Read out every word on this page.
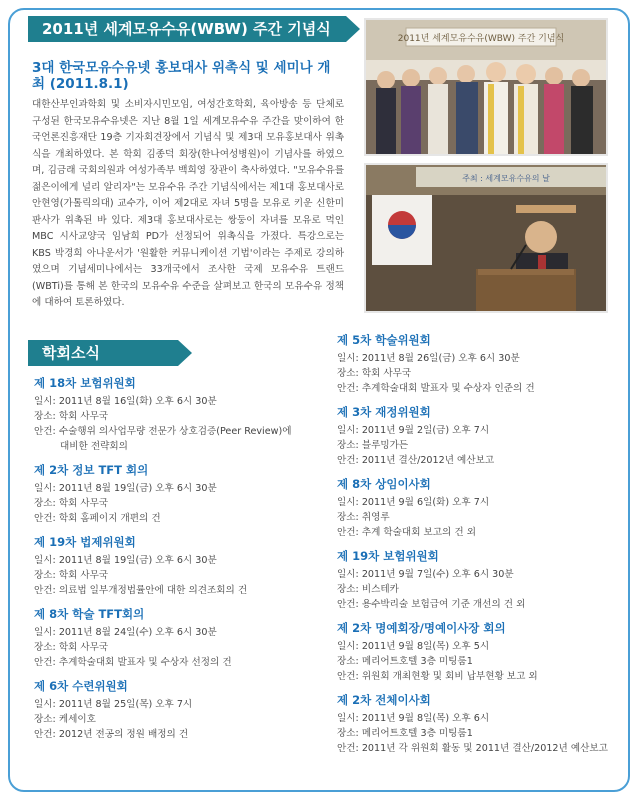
2011년 세계모유수유(WBW) 주간 기념식
3대 한국모유수유넷 홍보대사 위촉식 및 세미나 개최 (2011.8.1)

대한산부인과학회 및 소비자시민모임, 여성간호학회, 육아방송 등 단체로 구성된 한국모유수유넷은 지난 8월 1일 세계모유수유 주간을 맞이하여 한국언론진흥재단 19층 기자회견장에서 기념식 및 제3대 모유홍보대사 위촉식을 개최하였다. 본 학회 김종덕 회장(한나여성병원)이 기념사를 하였으며, 김금래 국회의원과 여성가족부 백희영 장관이 축사하였다. "모유수유를 젊은이에게 널리 알리자"는 모유수유 주간 기념식에서는 제1대 홍보대사로 안현영(가톨릭의대) 교수가, 이어 제2대로 자녀 5명을 모유로 키운 신한미 판사가 위촉된 바 있다. 제3대 홍보대사로는 쌍둥이 자녀를 모유로 먹인 MBC 시사교양국 임남희 PD가 선정되어 위촉식을 가졌다. 특강으로는 KBS 박경희 아나운서가 '원활한 커뮤니케이션 기법'이라는 주제로 강의하였으며 기념세미나에서는 33개국에서 조사한 국제 모유수유 트랜드(WBTi)를 통해 본 한국의 모유수유 수준을 살펴보고 한국의 모유수유 정책에 대하여 토론하였다.

2011년 세계모유수유(WBW) 주간 기념식
주최 : 세계모유수유의 날
학회소식
제 18차 보험위원회
일시: 2011년 8월 16일(화) 오후 6시 30분
장소: 학회 사무국
안건: 수술행위 의사업무량 전문가 상호검증(Peer Review)에
대비한 전략회의
제 2차 정보 TFT 회의
일시: 2011년 8월 19일(금) 오후 6시 30분
장소: 학회 사무국
안건: 학회 홈페이지 개편의 건
제 19차 법제위원회
일시: 2011년 8월 19일(금) 오후 6시 30분
장소: 학회 사무국
안건: 의료법 일부개정법률안에 대한 의견조회의 건
제 8차 학술 TFT회의
일시: 2011년 8월 24일(수) 오후 6시 30분
장소: 학회 사무국
안건: 추계학술대회 발표자 및 수상자 선정의 건
제 6차 수련위원회
일시: 2011년 8월 25일(목) 오후 7시
장소: 케세이호
안건: 2012년 전공의 정원 배정의 건
제 5차 학술위원회
일시: 2011년 8월 26일(금) 오후 6시 30분
장소: 학회 사무국
안건: 추계학술대회 발표자 및 수상자 인준의 건
제 3차 재정위원회
일시: 2011년 9월 2일(금) 오후 7시
장소: 블루밍가든
안건: 2011년 결산/2012년 예산보고
제 8차 상임이사회
일시: 2011년 9월 6일(화) 오후 7시
장소: 취영루
안건: 추계 학술대회 보고의 건 외
제 19차 보험위원회
일시: 2011년 9월 7일(수) 오후 6시 30분
장소: 비스테카
안건: 용수박리술 보험급여 기준 개선의 건 외
제 2차 명예회장/명예이사장 회의
일시: 2011년 9월 8일(목) 오후 5시
장소: 메리어트호텔 3층 미팅룸1
안건: 위원회 개최현황 및 회비 납부현황 보고 외
제 2차 전체이사회
일시: 2011년 9월 8일(목) 오후 6시
장소: 메리어트호텔 3층 미팅룸1
안건: 2011년 각 위원회 활동 및 2011년 결산/2012년 예산보고
